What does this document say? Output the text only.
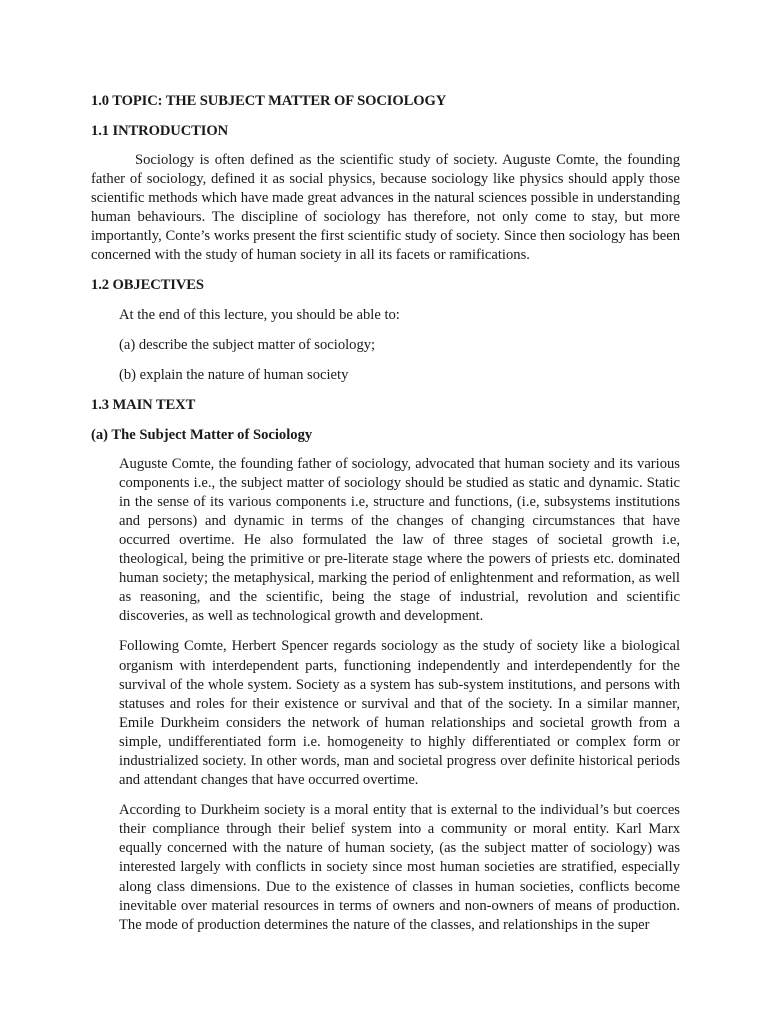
1.0 TOPIC: THE SUBJECT MATTER OF SOCIOLOGY
1.1 INTRODUCTION

Sociology is often defined as the scientific study of society. Auguste Comte, the founding father of sociology, defined it as social physics, because sociology like physics should apply those scientific methods which have made great advances in the natural sciences possible in understanding human behaviours. The discipline of sociology has therefore, not only come to stay, but more importantly, Conte’s works present the first scientific study of society. Since then sociology has been concerned with the study of human society in all its facets or ramifications.

1.2 OBJECTIVES
At the end of this lecture, you should be able to:
(a) describe the subject matter of sociology;
(b) explain the nature of human society
1.3 MAIN TEXT
(a) The Subject Matter of Sociology

Auguste Comte, the founding father of sociology, advocated that human society and its various components i.e., the subject matter of sociology should be studied as static and dynamic. Static in the sense of its various components i.e, structure and functions, (i.e, subsystems institutions and persons) and dynamic in terms of the changes of changing circumstances that have occurred overtime. He also formulated the law of three stages of societal growth i.e, theological, being the primitive or pre-literate stage where the powers of priests etc. dominated human society; the metaphysical, marking the period of enlightenment and reformation, as well as reasoning, and the scientific, being the stage of industrial, revolution and scientific discoveries, as well as technological growth and development.

Following Comte, Herbert Spencer regards sociology as the study of society like a biological organism with interdependent parts, functioning independently and interdependently for the survival of the whole system. Society as a system has sub-system institutions, and persons with statuses and roles for their existence or survival and that of the society. In a similar manner, Emile Durkheim considers the network of human relationships and societal growth from a simple, undifferentiated form i.e. homogeneity to highly differentiated or complex form or industrialized society. In other words, man and societal progress over definite historical periods and attendant changes that have occurred overtime.

According to Durkheim society is a moral entity that is external to the individual’s but coerces their compliance through their belief system into a community or moral entity. Karl Marx equally concerned with the nature of human society, (as the subject matter of sociology) was interested largely with conflicts in society since most human societies are stratified, especially along class dimensions. Due to the existence of classes in human societies, conflicts become inevitable over material resources in terms of owners and non-owners of means of production. The mode of production determines the nature of the classes, and relationships in the super
